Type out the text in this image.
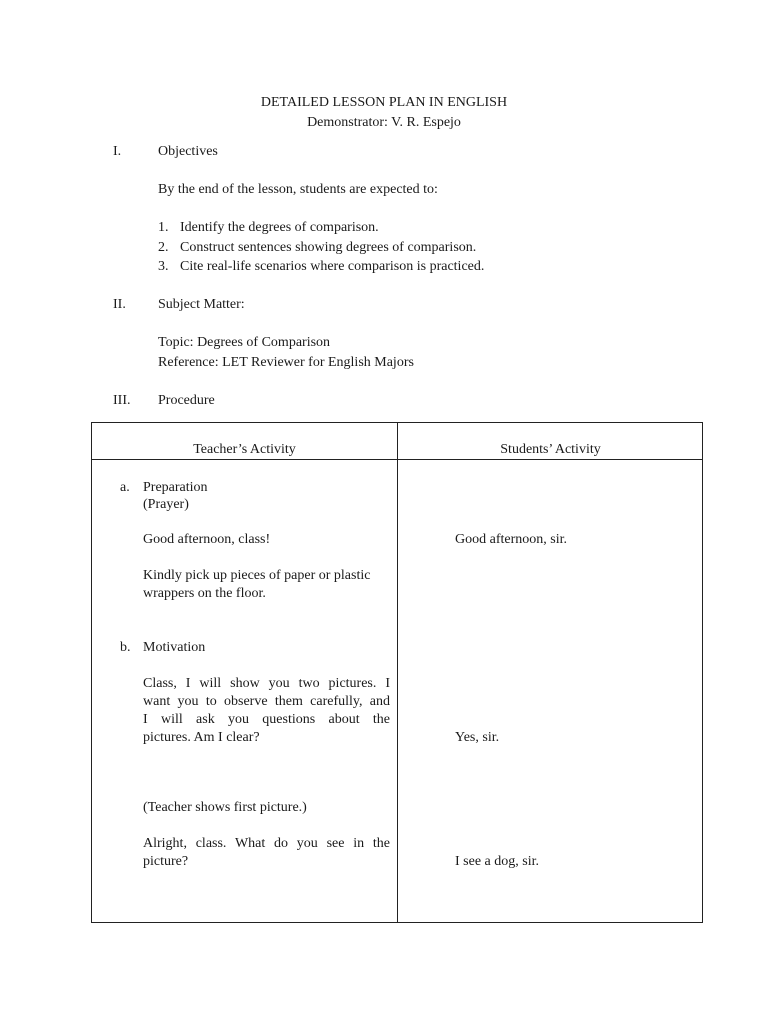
DETAILED LESSON PLAN IN ENGLISH
Demonstrator: V. R. Espejo
I.	Objectives
By the end of the lesson, students are expected to:
1. Identify the degrees of comparison.
2. Construct sentences showing degrees of comparison.
3. Cite real-life scenarios where comparison is practiced.
II. Subject Matter:
Topic: Degrees of Comparison
Reference: LET Reviewer for English Majors
III. Procedure
Teacher’s Activity	Students’ Activity
a. Preparation
(Prayer)
Good afternoon, class!	Good afternoon, sir.
Kindly pick up pieces of paper or plastic
wrappers on the floor.
b. Motivation
Class, I will show you two pictures. I
want you to observe them carefully, and
I will ask you questions about the
pictures. Am I clear?	Yes, sir.
(Teacher shows first picture.)
Alright, class. What do you see in the
picture?	I see a dog, sir.
